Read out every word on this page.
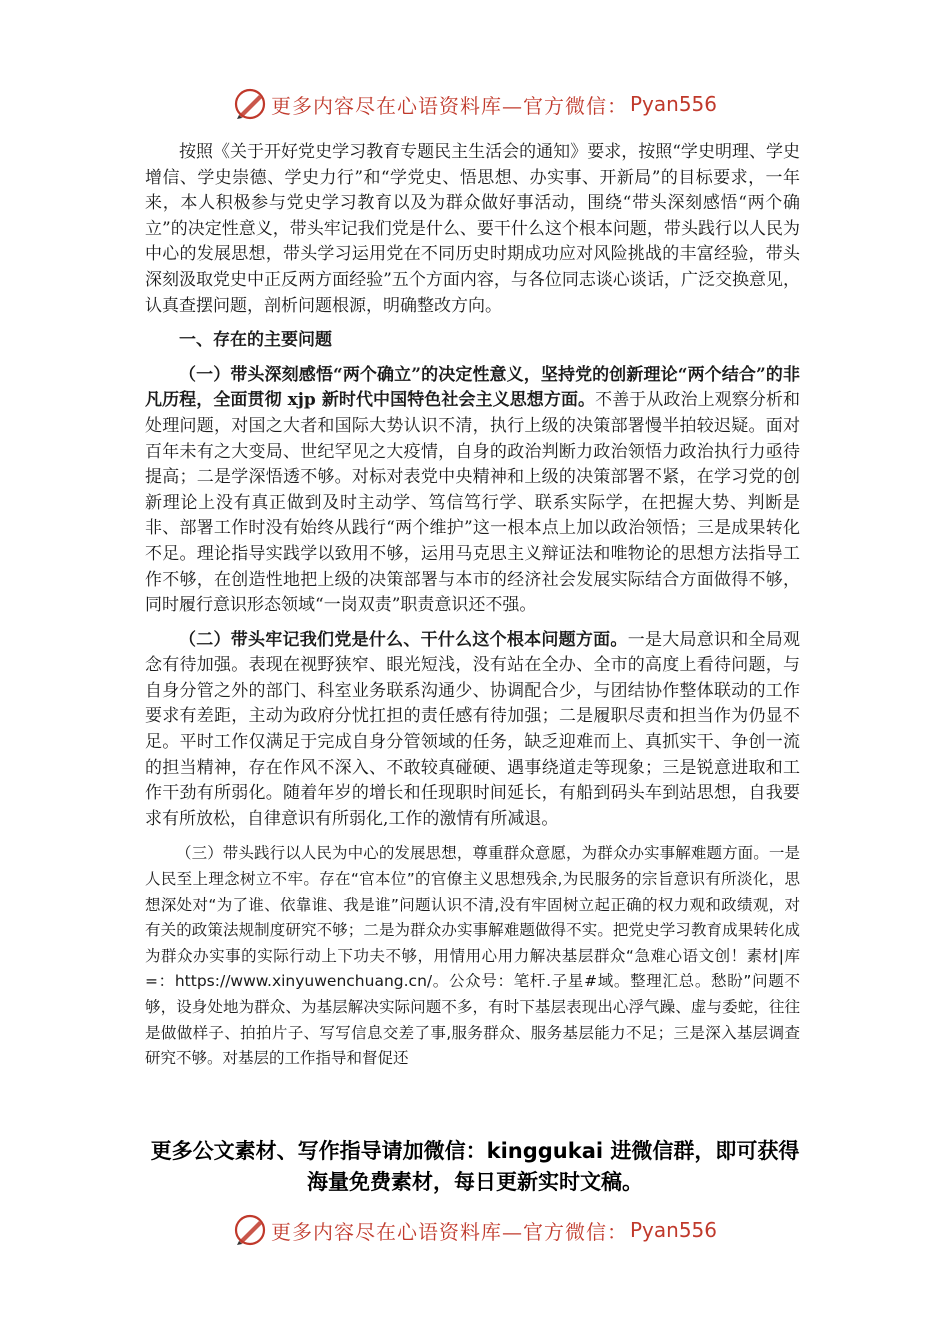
更多内容尽在心语资料库—官方微信： Pyan556

按照《关于开好党史学习教育专题民主生活会的通知》要求，按照“学史明理、学史增信、学史崇德、学史力行”和“学党史、悟思想、办实事、开新局”的目标要求，一年来，本人积极参与党史学习教育以及为群众做好事活动，围绕“带头深刻感悟“两个确立”的决定性意义，带头牢记我们党是什么、要干什么这个根本问题，带头践行以人民为中心的发展思想，带头学习运用党在不同历史时期成功应对风险挑战的丰富经验，带头深刻汲取党史中正反两方面经验”五个方面内容，与各位同志谈心谈话，广泛交换意见，认真查摆问题，剖析问题根源，明确整改方向。

一、存在的主要问题

（一）带头深刻感悟“两个确立”的决定性意义，坚持党的创新理论“两个结合”的非凡历程，全面贯彻 xjp 新时代中国特色社会主义思想方面。不善于从政治上观察分析和处理问题，对国之大者和国际大势认识不清，执行上级的决策部署慢半拍较迟疑。面对百年未有之大变局、世纪罕见之大疫情，自身的政治判断力政治领悟力政治执行力亟待提高；二是学深悟透不够。对标对表党中央精神和上级的决策部署不紧，在学习党的创新理论上没有真正做到及时主动学、笃信笃行学、联系实际学，在把握大势、判断是非、部署工作时没有始终从践行“两个维护”这一根本点上加以政治领悟；三是成果转化不足。理论指导实践学以致用不够，运用马克思主义辩证法和唯物论的思想方法指导工作不够，在创造性地把上级的决策部署与本市的经济社会发展实际结合方面做得不够，同时履行意识形态领域“一岗双责”职责意识还不强。

（二）带头牢记我们党是什么、干什么这个根本问题方面。一是大局意识和全局观念有待加强。表现在视野狭窄、眼光短浅，没有站在全办、全市的高度上看待问题，与自身分管之外的部门、科室业务联系沟通少、协调配合少，与团结协作整体联动的工作要求有差距，主动为政府分忧扛担的责任感有待加强；二是履职尽责和担当作为仍显不足。平时工作仅满足于完成自身分管领域的任务，缺乏迎难而上、真抓实干、争创一流的担当精神，存在作风不深入、不敢较真碰硬、遇事绕道走等现象；三是锐意进取和工作干劲有所弱化。随着年岁的增长和任现职时间延长，有船到码头车到站思想，自我要求有所放松，自律意识有所弱化,工作的激情有所减退。

（三）带头践行以人民为中心的发展思想，尊重群众意愿，为群众办实事解难题方面。一是人民至上理念树立不牢。存在“官本位”的官僚主义思想残余,为民服务的宗旨意识有所淡化，思想深处对“为了谁、依靠谁、我是谁”问题认识不清,没有牢固树立起正确的权力观和政绩观，对有关的政策法规制度研究不够；二是为群众办实事解难题做得不实。把党史学习教育成果转化成为群众办实事的实际行动上下功夫不够，用情用心用力解决基层群众“急难心语文创！素材|库=：https://www.xinyuwenchuang.cn/。公众号：笔杆.子星#域。整理汇总。愁盼”问题不够，设身处地为群众、为基层解决实际问题不多，有时下基层表现出心浮气躁、虚与委蛇，往往是做做样子、拍拍片子、写写信息交差了事,服务群众、服务基层能力不足；三是深入基层调查研究不够。对基层的工作指导和督促还

更多公文素材、写作指导请加微信：kinggukai 进微信群，即可获得海量免费素材，每日更新实时文稿。
更多内容尽在心语资料库—官方微信： Pyan556
